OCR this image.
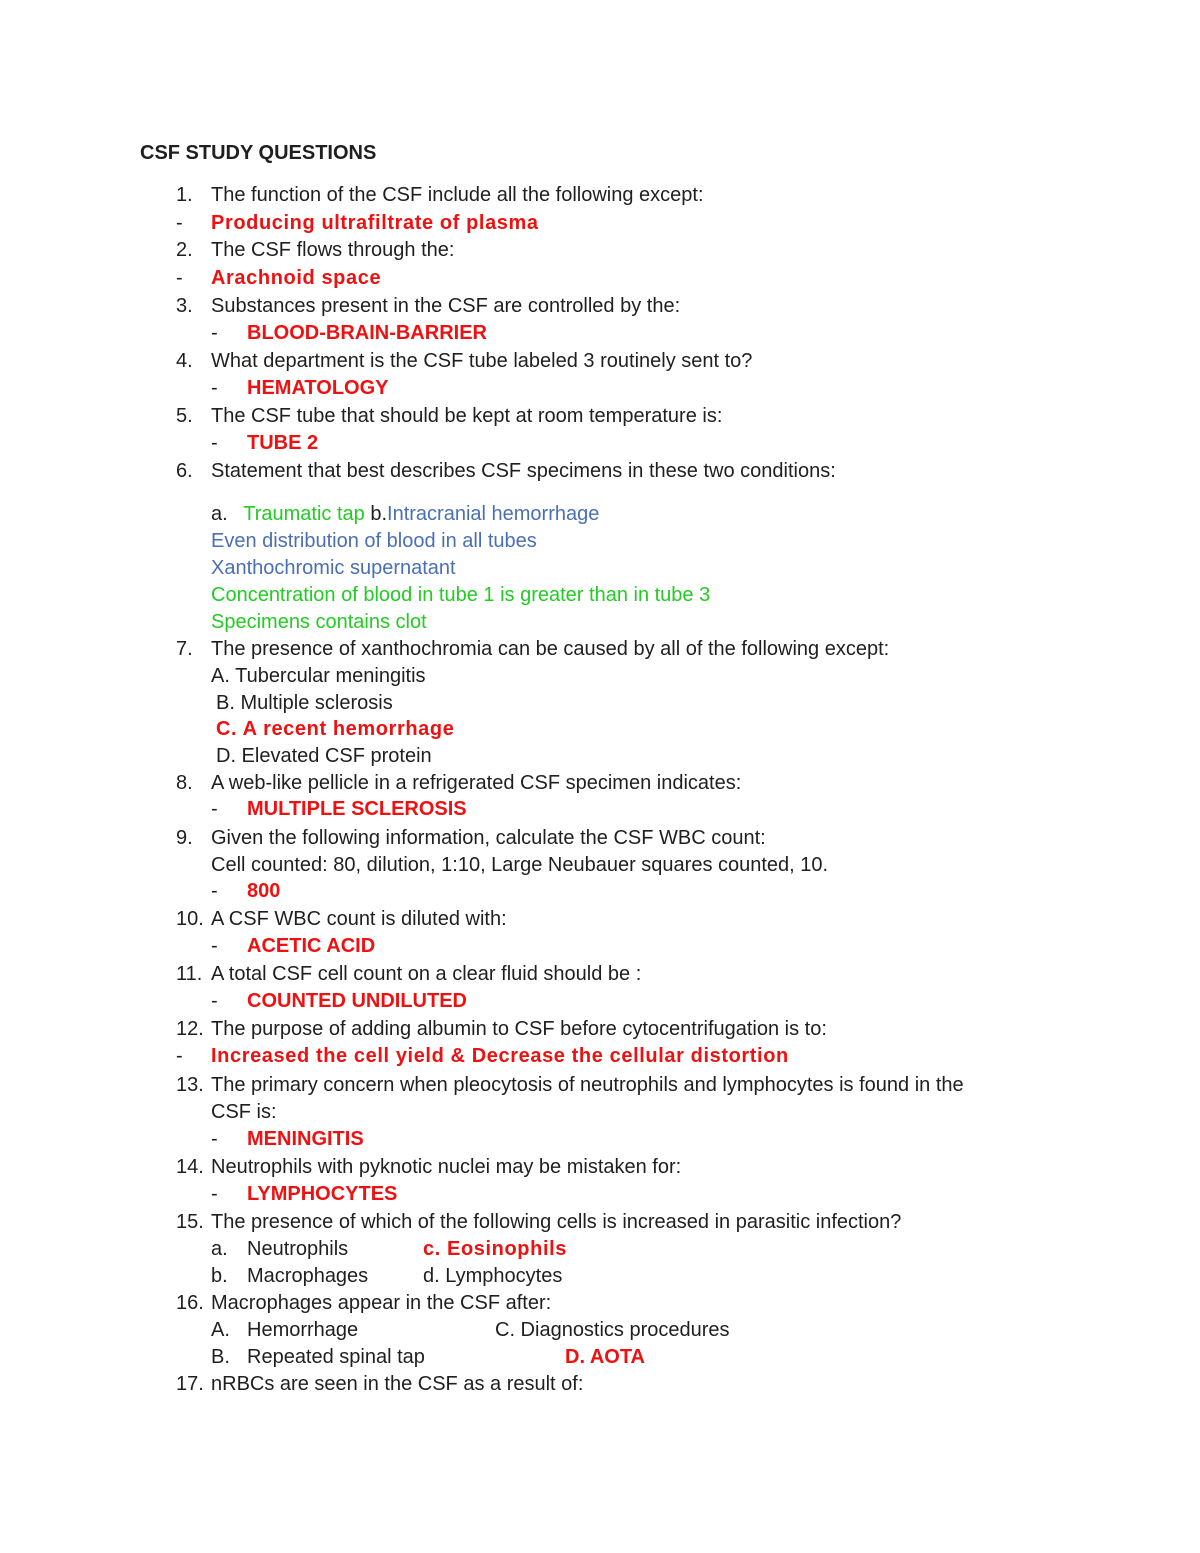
CSF STUDY QUESTIONS
1. The function of the CSF include all the following except:
- Producing ultrafiltrate of plasma
2. The CSF flows through the:
- Arachnoid space
3. Substances present in the CSF are controlled by the:
- BLOOD-BRAIN-BARRIER
4. What department is the CSF tube labeled 3 routinely sent to?
- HEMATOLOGY
5. The CSF tube that should be kept at room temperature is:
- TUBE 2
6. Statement that best describes CSF specimens in these two conditions:
a. Traumatic tap b.Intracranial hemorrhage
Even distribution of blood in all tubes
Xanthochromic supernatant
Concentration of blood in tube 1 is greater than in tube 3
Specimens contains clot
7. The presence of xanthochromia can be caused by all of the following except:
A. Tubercular meningitis
B. Multiple sclerosis
C. A recent hemorrhage
D. Elevated CSF protein
8. A web-like pellicle in a refrigerated CSF specimen indicates:
- MULTIPLE SCLEROSIS
9. Given the following information, calculate the CSF WBC count:
Cell counted: 80, dilution, 1:10, Large Neubauer squares counted, 10.
- 800
10. A CSF WBC count is diluted with:
- ACETIC ACID
11. A total CSF cell count on a clear fluid should be :
- COUNTED UNDILUTED
12. The purpose of adding albumin to CSF before cytocentrifugation is to:
- Increased the cell yield & Decrease the cellular distortion
13. The primary concern when pleocytosis of neutrophils and lymphocytes is found in the
CSF is:
- MENINGITIS
14. Neutrophils with pyknotic nuclei may be mistaken for:
- LYMPHOCYTES
15. The presence of which of the following cells is increased in parasitic infection?
a. Neutrophils	c. Eosinophils
b. Macrophages	d. Lymphocytes
16. Macrophages appear in the CSF after:
A. Hemorrhage	C. Diagnostics procedures
B. Repeated spinal tap	D. AOTA
17. nRBCs are seen in the CSF as a result of:
